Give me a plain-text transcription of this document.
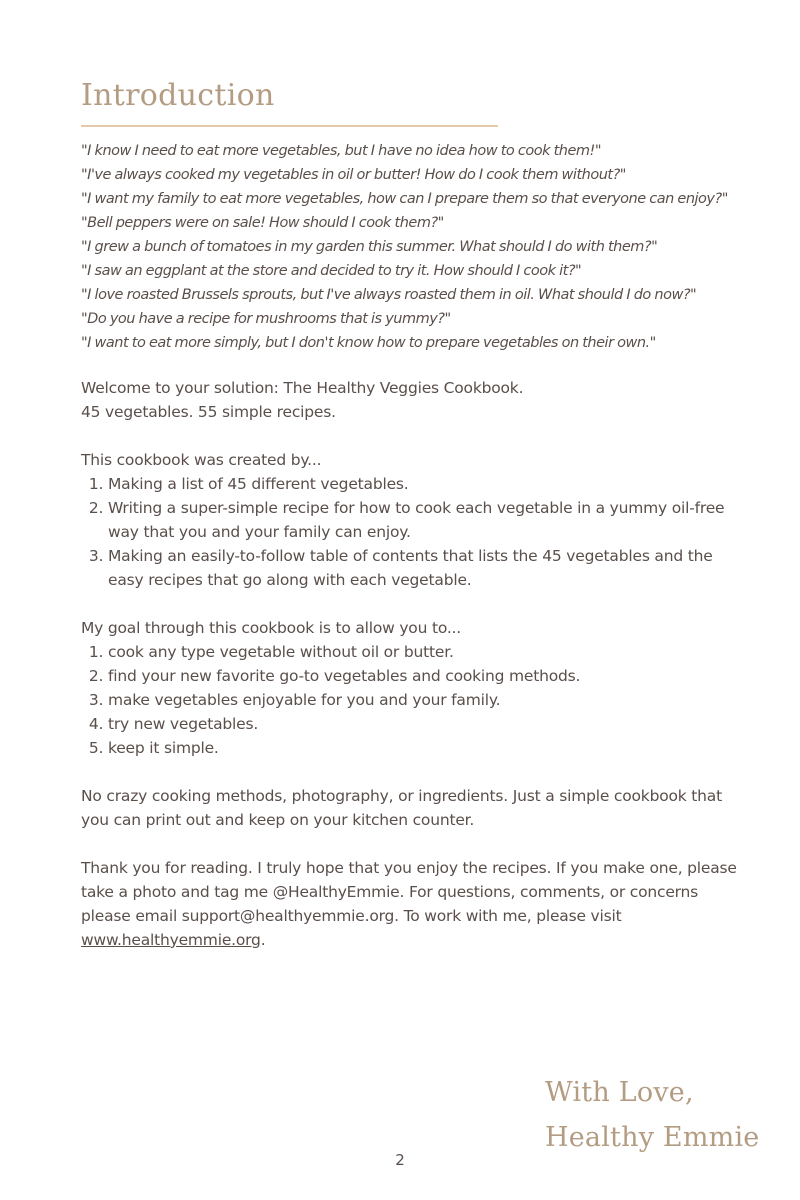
Introduction
"I know I need to eat more vegetables, but I have no idea how to cook them!"
"I've always cooked my vegetables in oil or butter! How do I cook them without?"
"I want my family to eat more vegetables, how can I prepare them so that everyone can enjoy?"
"Bell peppers were on sale! How should I cook them?"
"I grew a bunch of tomatoes in my garden this summer. What should I do with them?"
"I saw an eggplant at the store and decided to try it. How should I cook it?"
"I love roasted Brussels sprouts, but I've always roasted them in oil. What should I do now?"
"Do you have a recipe for mushrooms that is yummy?"
"I want to eat more simply, but I don't know how to prepare vegetables on their own."

Welcome to your solution: The Healthy Veggies Cookbook.

45 vegetables. 55 simple recipes.

This cookbook was created by...

1. Making a list of 45 different vegetables.
2. Writing a super-simple recipe for how to cook each vegetable in a yummy oil-free way that you and your family can enjoy.
3. Making an easily-to-follow table of contents that lists the 45 vegetables and the easy recipes that go along with each vegetable.

My goal through this cookbook is to allow you to...

1. cook any type vegetable without oil or butter.
2. find your new favorite go-to vegetables and cooking methods.
3. make vegetables enjoyable for you and your family.
4. try new vegetables.
5. keep it simple.

No crazy cooking methods, photography, or ingredients. Just a simple cookbook that you can print out and keep on your kitchen counter.

Thank you for reading. I truly hope that you enjoy the recipes. If you make one, please take a photo and tag me @HealthyEmmie. For questions, comments, or concerns please email support@healthyemmie.org. To work with me, please visit www.healthyemmie.org.

With Love,
Healthy Emmie
2
